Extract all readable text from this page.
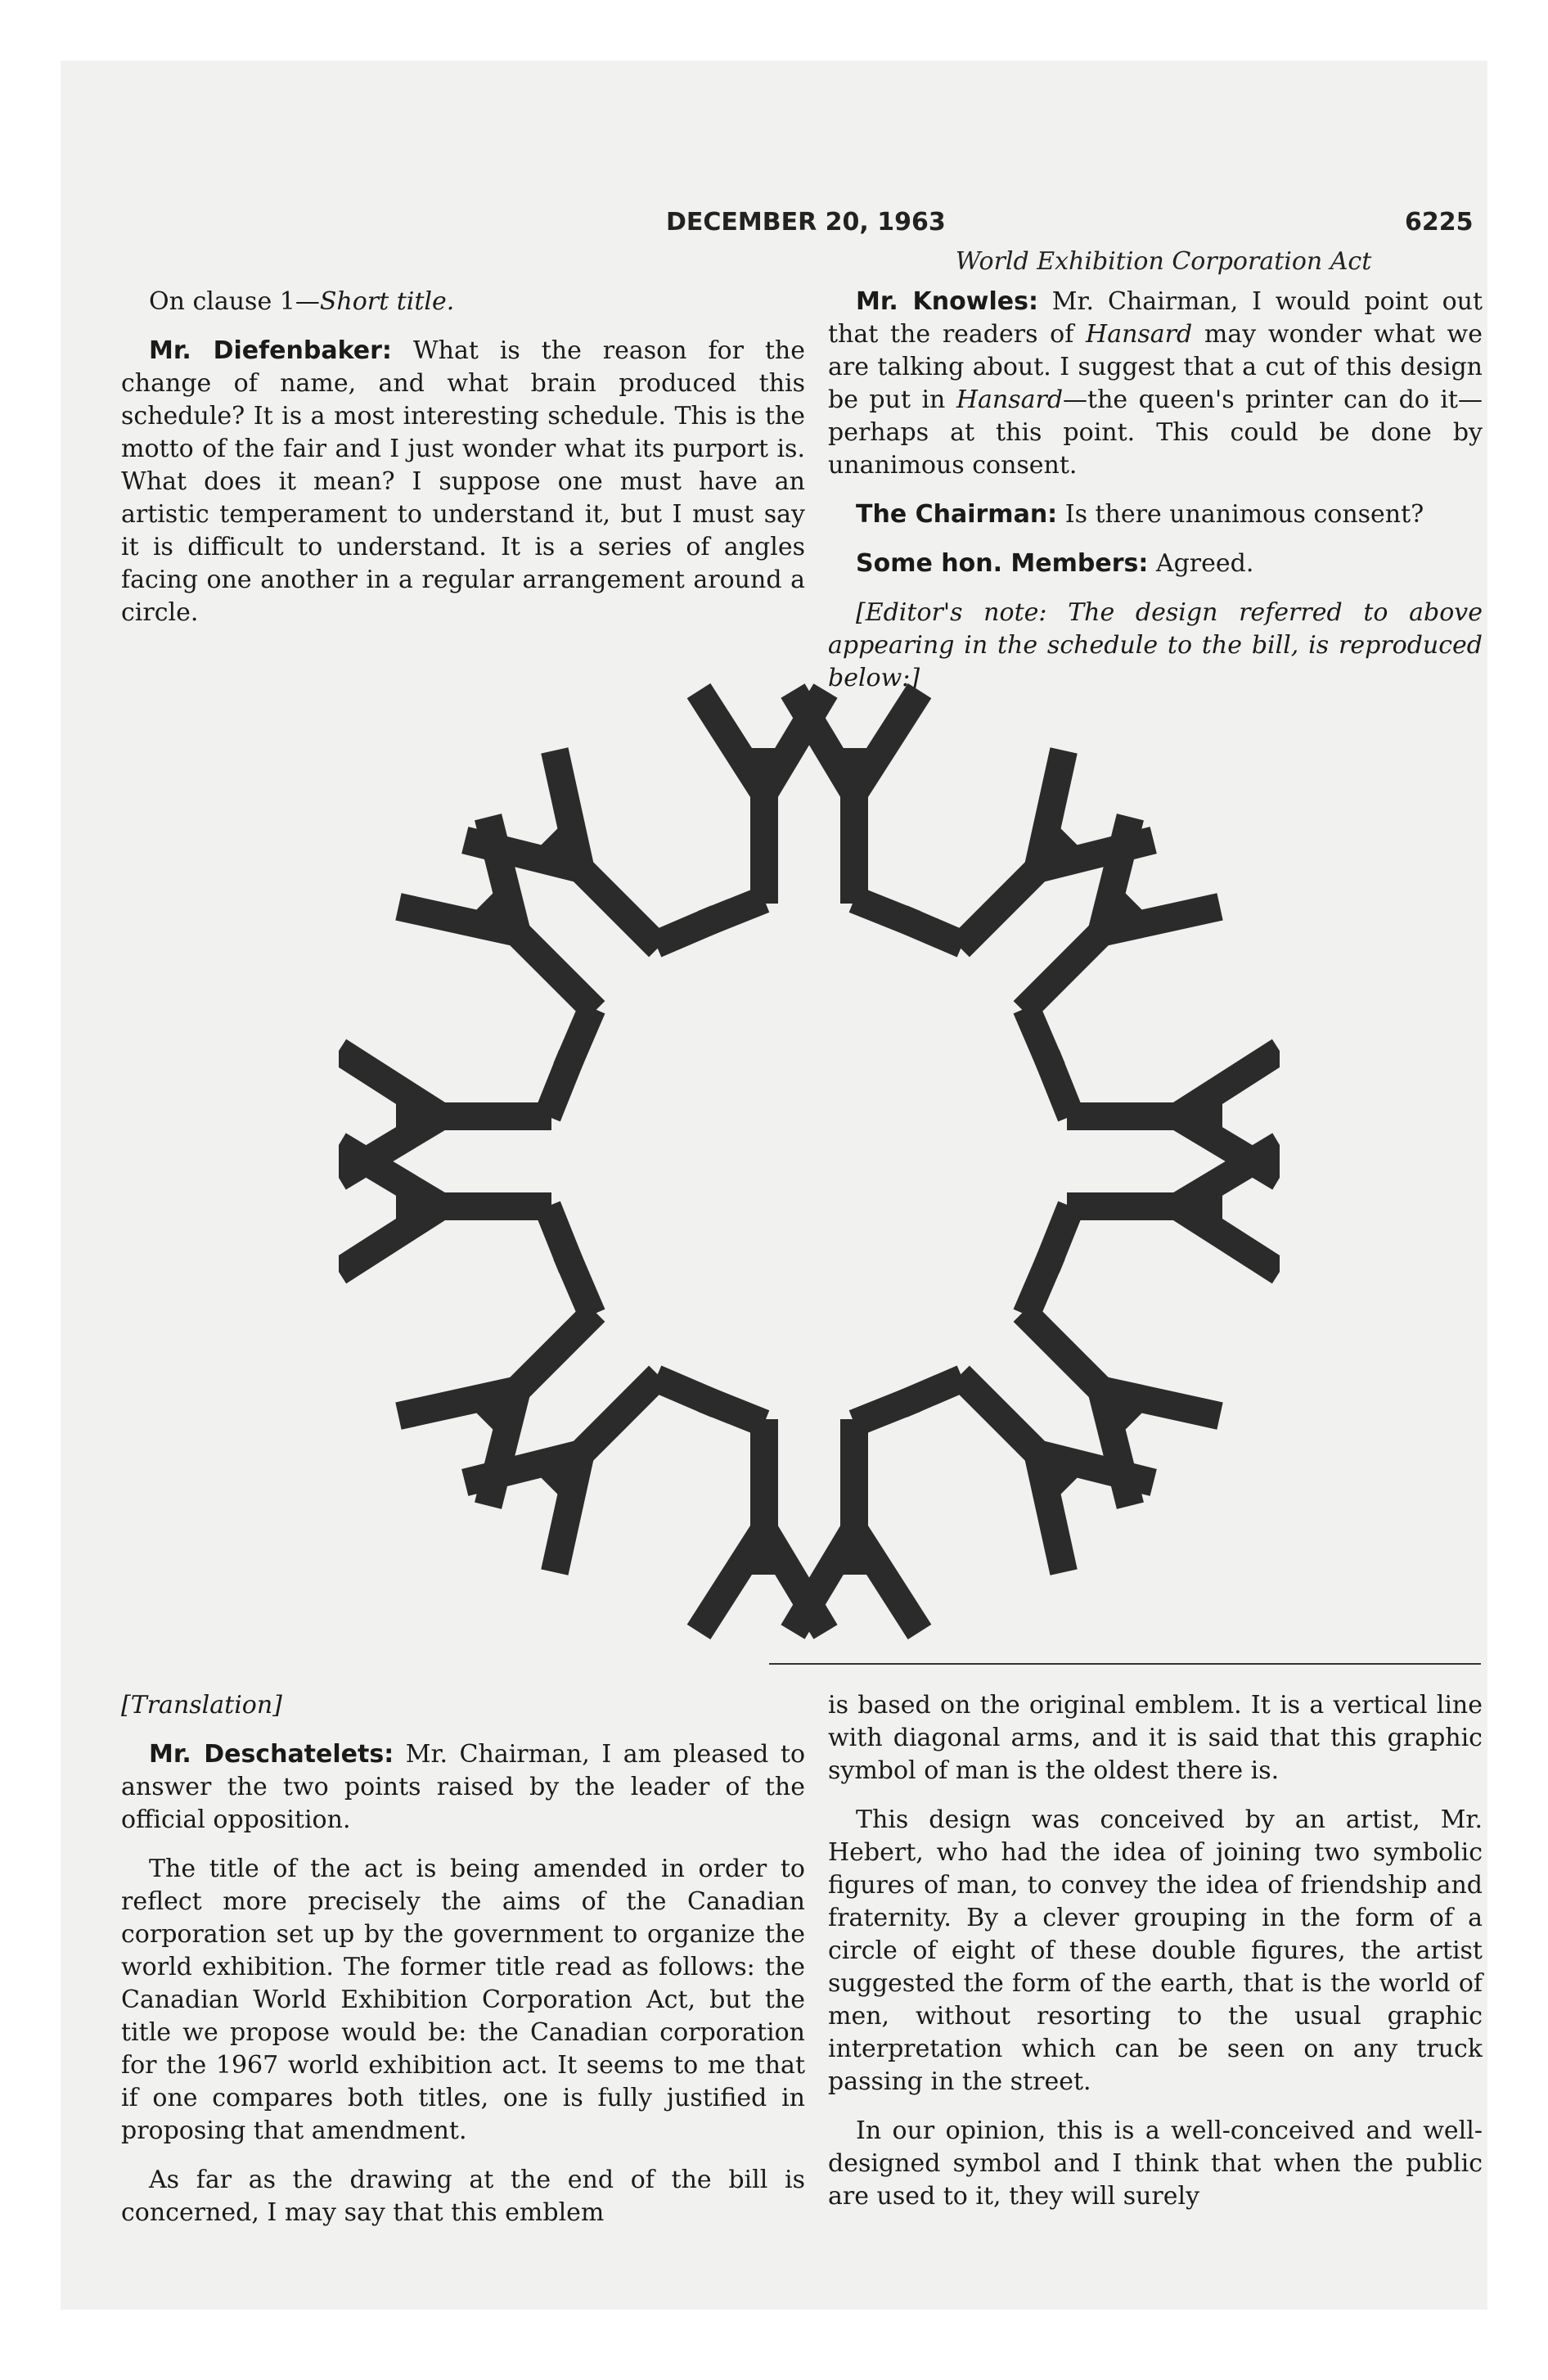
DECEMBER 20, 1963	6225
World Exhibition Corporation Act

On clause 1—Short title.

Mr. Diefenbaker: What is the reason for the change of name, and what brain produced this schedule? It is a most interesting schedule. This is the motto of the fair and I just wonder what its purport is. What does it mean? I suppose one must have an artistic temperament to understand it, but I must say it is difficult to understand. It is a series of angles facing one another in a regular arrangement around a circle.

Mr. Knowles: Mr. Chairman, I would point out that the readers of Hansard may wonder what we are talking about. I suggest that a cut of this design be put in Hansard—the queen's printer can do it—perhaps at this point. This could be done by unanimous consent.

The Chairman: Is there unanimous consent?

Some hon. Members: Agreed.

[Editor's note: The design referred to above appearing in the schedule to the bill, is reproduced below:]

[Translation]

Mr. Deschatelets: Mr. Chairman, I am pleased to answer the two points raised by the leader of the official opposition.

The title of the act is being amended in order to reflect more precisely the aims of the Canadian corporation set up by the government to organize the world exhibition. The former title read as follows: the Canadian World Exhibition Corporation Act, but the title we propose would be: the Canadian corporation for the 1967 world exhibition act. It seems to me that if one compares both titles, one is fully justified in proposing that amendment.

As far as the drawing at the end of the bill is concerned, I may say that this emblem

is based on the original emblem. It is a vertical line with diagonal arms, and it is said that this graphic symbol of man is the oldest there is.

This design was conceived by an artist, Mr. Hebert, who had the idea of joining two symbolic figures of man, to convey the idea of friendship and fraternity. By a clever grouping in the form of a circle of eight of these double figures, the artist suggested the form of the earth, that is the world of men, without resorting to the usual graphic interpretation which can be seen on any truck passing in the street.

In our opinion, this is a well-conceived and well-designed symbol and I think that when the public are used to it, they will surely
